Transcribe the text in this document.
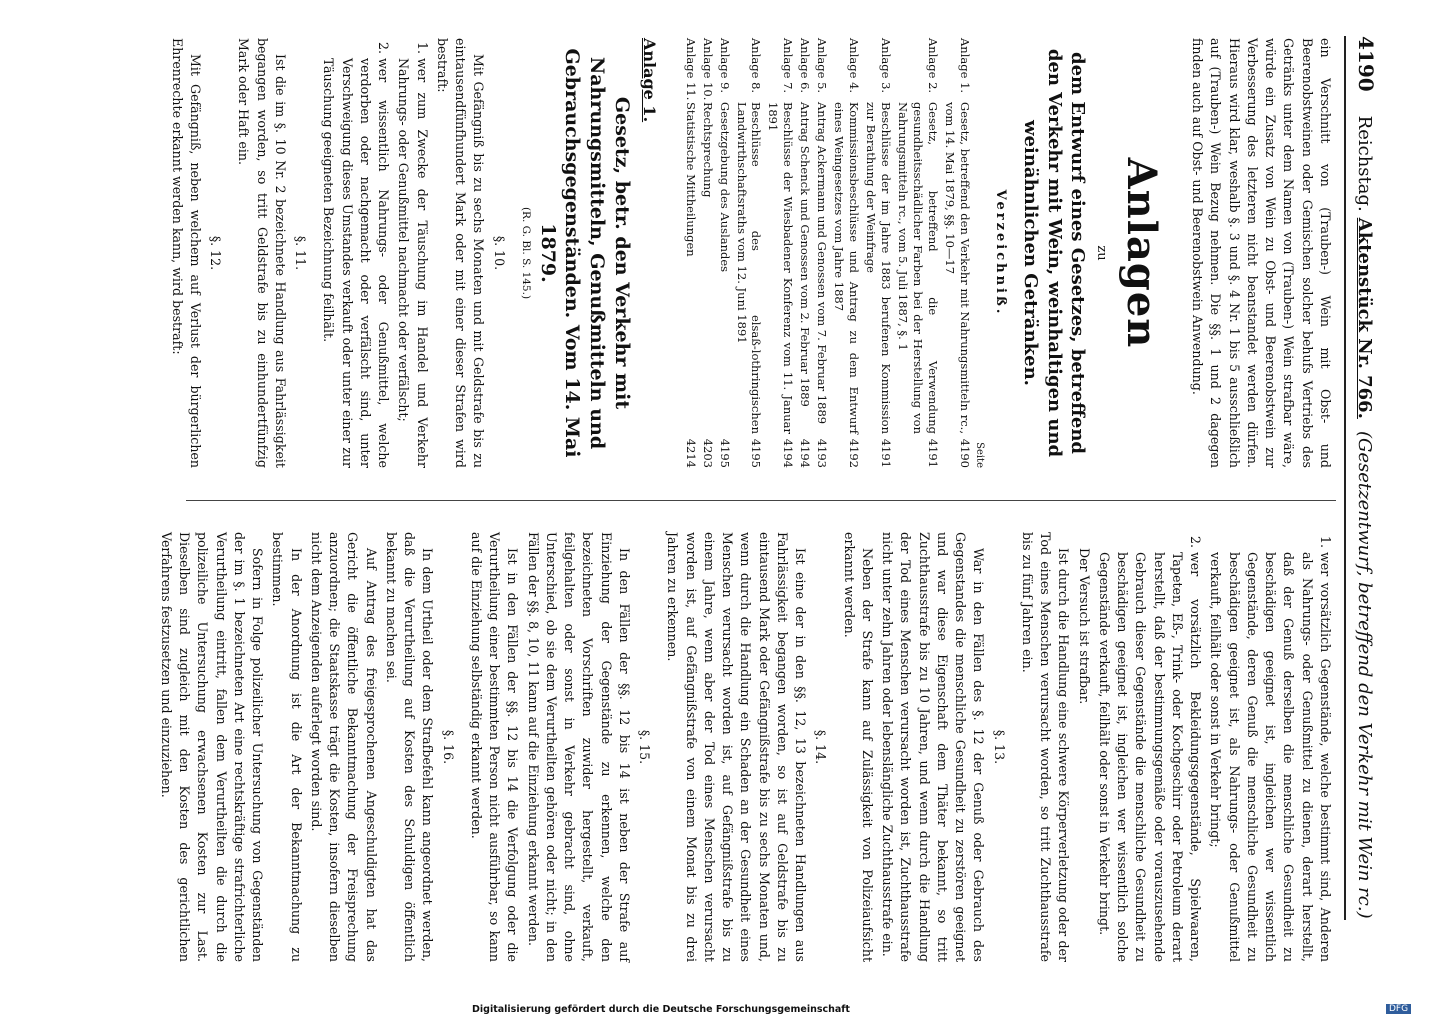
4190
Reichstag.
Aktenstück Nr. 766.
(Gesetzentwurf, betreffend den Verkehr mit Wein rc.)

ein Verschnitt von (Trauben-) Wein mit Obst- und Beerenobstweinen oder Gemischen solcher behufs Vertriebs des Getränks unter dem Namen von (Trauben-) Wein strafbar wäre, würde ein Zusatz von Wein zu Obst- und Beerenobstwein zur Verbesserung des letzteren nicht beanstandet werden dürfen. Hieraus wird klar, weshalb §. 3 und §. 4 Nr. 1 bis 5 ausschließlich auf (Trauben-) Wein Bezug nehmen. Die §§. 1 und 2 dagegen finden auch auf Obst- und Beerenobstwein Anwendung.

Anlagen

zu

dem Entwurf eines Gesetzes, betreffend den Verkehr mit Wein, weinhaltigen und weinähnlichen Getränken.

Verzeichniß.

Seite

Anlage 1.	Gesetz, betreffend den Verkehr mit Nahrungsmitteln rc., vom 14. Mai 1879, §§. 10—17	4190
Anlage 2.	Gesetz, betreffend die Verwendung gesundheitsschädlicher Farben bei der Herstellung von Nahrungsmitteln rc., vom 5. Juli 1887, §. 1	4191
Anlage 3.	Beschlüsse der im Jahre 1883 berufenen Kommission zur Berathung der Weinfrage	4191
Anlage 4.	Kommissionsbeschlüsse und Antrag zu dem Entwurf eines Weingesetzes vom Jahre 1887	4192
Anlage 5.	Antrag Ackermann und Genossen vom 7. Februar 1889	4193
Anlage 6.	Antrag Schenck und Genossen vom 2. Februar 1889	4194
Anlage 7.	Beschlüsse der Wiesbadener Konferenz vom 11. Januar 1891	4194
Anlage 8.	Beschlüsse des elsaß-lothringischen Landwirthschaftsraths vom 12. Juni 1891	4195
Anlage 9.	Gesetzgebung des Auslandes	4195
Anlage 10.	Rechtsprechung	4203
Anlage 11.	Statistische Mittheilungen	4214

Anlage 1.

Gesetz, betr. den Verkehr mit Nahrungsmitteln, Genußmitteln und Gebrauchsgegenständen. Vom 14. Mai 1879.

(R. G. Bl. S. 145.)

§. 10.

Mit Gefängniß bis zu sechs Monaten und mit Geldstrafe bis zu eintausendfünfhundert Mark oder mit einer dieser Strafen wird bestraft:

1. wer zum Zwecke der Täuschung im Handel und Verkehr Nahrungs- oder Genußmittel nachmacht oder verfälscht;
2. wer wissentlich Nahrungs- oder Genußmittel, welche verdorben oder nachgemacht oder verfälscht sind, unter Verschweigung dieses Umstandes verkauft oder unter einer zur Täuschung geeigneten Bezeichnung feilhält.

§. 11.

Ist die im §. 10 Nr. 2 bezeichnete Handlung aus Fahrlässigkeit begangen worden, so tritt Geldstrafe bis zu einhundertfünfzig Mark oder Haft ein.

§. 12.

Mit Gefängniß, neben welchem auf Verlust der bürgerlichen Ehrenrechte erkannt werden kann, wird bestraft:

1. wer vorsätzlich Gegenstände, welche bestimmt sind, Anderen als Nahrungs- oder Genußmittel zu dienen, derart herstellt, daß der Genuß derselben die menschliche Gesundheit zu beschädigen geeignet ist, ingleichen wer wissentlich Gegenstände, deren Genuß die menschliche Gesundheit zu beschädigen geeignet ist, als Nahrungs- oder Genußmittel verkauft, feilhält oder sonst in Verkehr bringt;
2. wer vorsätzlich Bekleidungsgegenstände, Spielwaaren, Tapeten, Eß-, Trink- oder Kochgeschirr oder Petroleum derart herstellt, daß der bestimmungsgemäße oder vorauszusehende Gebrauch dieser Gegenstände die menschliche Gesundheit zu beschädigen geeignet ist, ingleichen wer wissentlich solche Gegenstände verkauft, feilhält oder sonst in Verkehr bringt.

Der Versuch ist strafbar.

Ist durch die Handlung eine schwere Körperverletzung oder der Tod eines Menschen verursacht worden, so tritt Zuchthausstrafe bis zu fünf Jahren ein.

§. 13.

War in den Fällen des §. 12 der Genuß oder Gebrauch des Gegenstandes die menschliche Gesundheit zu zerstören geeignet und war diese Eigenschaft dem Thäter bekannt, so tritt Zuchthausstrafe bis zu 10 Jahren, und wenn durch die Handlung der Tod eines Menschen verursacht worden ist, Zuchthausstrafe nicht unter zehn Jahren oder lebenslängliche Zuchthausstrafe ein.

Neben der Strafe kann auf Zulässigkeit von Polizeiaufsicht erkannt werden.

§. 14.

Ist eine der in den §§. 12, 13 bezeichneten Handlungen aus Fahrlässigkeit begangen worden, so ist auf Geldstrafe bis zu eintausend Mark oder Gefängnißstrafe bis zu sechs Monaten und, wenn durch die Handlung ein Schaden an der Gesundheit eines Menschen verursacht worden ist, auf Gefängnißstrafe bis zu einem Jahre, wenn aber der Tod eines Menschen verursacht worden ist, auf Gefängnißstrafe von einem Monat bis zu drei Jahren zu erkennen.

§. 15.

In den Fällen der §§. 12 bis 14 ist neben der Strafe auf Einziehung der Gegenstände zu erkennen, welche den bezeichneten Vorschriften zuwider hergestellt, verkauft, feilgehalten oder sonst in Verkehr gebracht sind, ohne Unterschied, ob sie dem Verurtheilten gehören oder nicht; in den Fällen der §§. 8, 10, 11 kann auf die Einziehung erkannt werden.

Ist in den Fällen der §§. 12 bis 14 die Verfolgung oder die Verurtheilung einer bestimmten Person nicht ausführbar, so kann auf die Einziehung selbständig erkannt werden.

§. 16.

In dem Urtheil oder dem Strafbefehl kann angeordnet werden, daß die Verurtheilung auf Kosten des Schuldigen öffentlich bekannt zu machen sei.

Auf Antrag des freigesprochenen Angeschuldigten hat das Gericht die öffentliche Bekanntmachung der Freisprechung anzuordnen; die Staatskasse trägt die Kosten, insofern dieselben nicht dem Anzeigenden auferlegt worden sind.

In der Anordnung ist die Art der Bekanntmachung zu bestimmen.

Sofern in Folge polizeilicher Untersuchung von Gegenständen der im §. 1 bezeichneten Art eine rechtskräftige strafrichterliche Verurtheilung eintritt, fallen dem Verurtheilten die durch die polizeiliche Untersuchung erwachsenen Kosten zur Last. Dieselben sind zugleich mit den Kosten des gerichtlichen Verfahrens festzusetzen und einzuziehen.

Digitalisierung gefördert durch die Deutsche Forschungsgemeinschaft	DFG
